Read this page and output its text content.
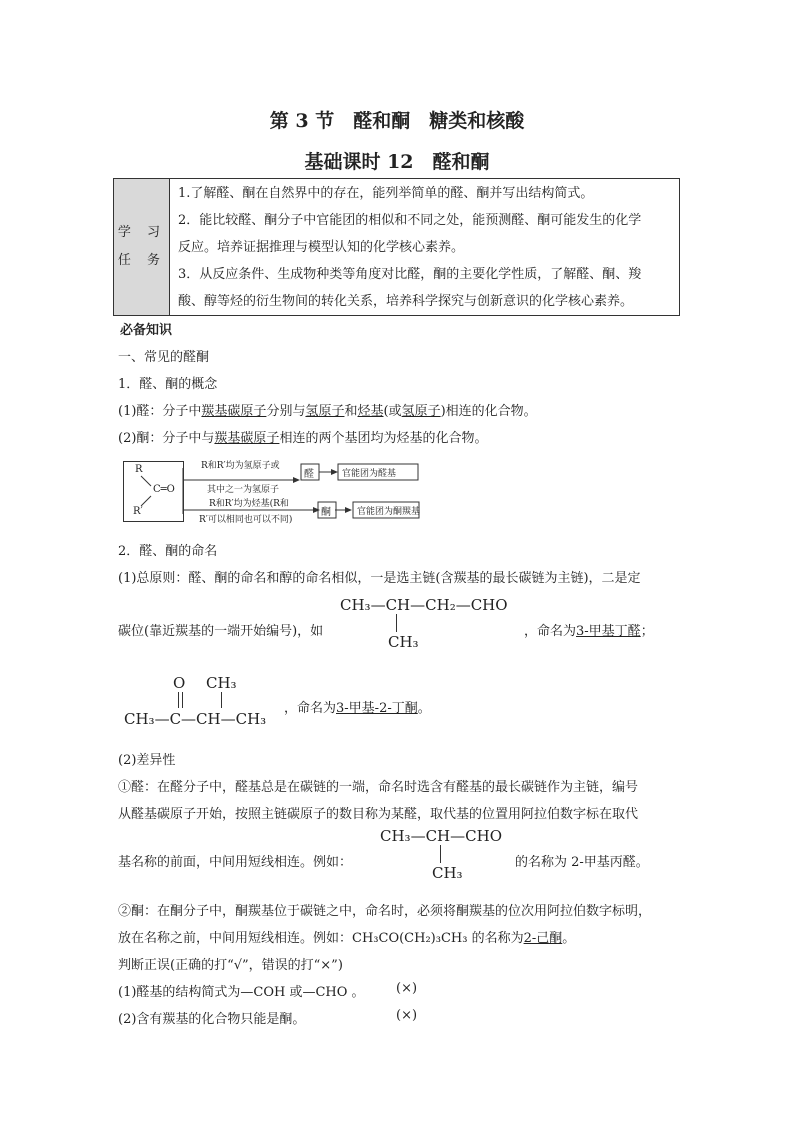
第 3 节　醛和酮　糖类和核酸
基础课时 12　醛和酮
学 习
任 务
1.了解醛、酮在自然界中的存在，能列举简单的醛、酮并写出结构简式。
2．能比较醛、酮分子中官能团的相似和不同之处，能预测醛、酮可能发生的化学
反应。培养证据推理与模型认知的化学核心素养。
3．从反应条件、生成物种类等角度对比醛，酮的主要化学性质，了解醛、酮、羧
酸、醇等烃的衍生物间的转化关系，培养科学探究与创新意识的化学核心素养。
必备知识
一、常见的醛酮
1．醛、酮的概念
(1)醛：分子中羰基碳原子分别与氢原子和烃基(或氢原子)相连的化合物。
(2)酮：分子中与羰基碳原子相连的两个基团均为烃基的化合物。
R
C═O
R′
R和R′均为氢原子或
其中之一为氢原子
醛	官能团为醛基
R和R′均为烃基(R和
R′可以相同也可以不同)
酮	官能团为酮羰基
2．醛、酮的命名
(1)总原则：醛、酮的命名和醇的命名相似，一是选主链(含羰基的最长碳链为主链)，二是定
CH₃—CH—CH₂—CHO
CH₃
碳位(靠近羰基的一端开始编号)，如	，命名为3-甲基丁醛；
O CH₃
CH₃—C—CH—CH₃
，命名为3-甲基-2-丁酮。
(2)差异性
①醛：在醛分子中，醛基总是在碳链的一端，命名时选含有醛基的最长碳链作为主链，编号
从醛基碳原子开始，按照主链碳原子的数目称为某醛，取代基的位置用阿拉伯数字标在取代
CH₃—CH—CHO
CH₃
基名称的前面，中间用短线相连。例如：	的名称为 2-甲基丙醛。
②酮：在酮分子中，酮羰基位于碳链之中，命名时，必须将酮羰基的位次用阿拉伯数字标明，
放在名称之前，中间用短线相连。例如：CH₃CO(CH₂)₃CH₃ 的名称为2-己酮。
判断正误(正确的打“√”，错误的打“×”)
(1)醛基的结构简式为—COH 或—CHO 。 (×)
(2)含有羰基的化合物只能是酮。	(×)
